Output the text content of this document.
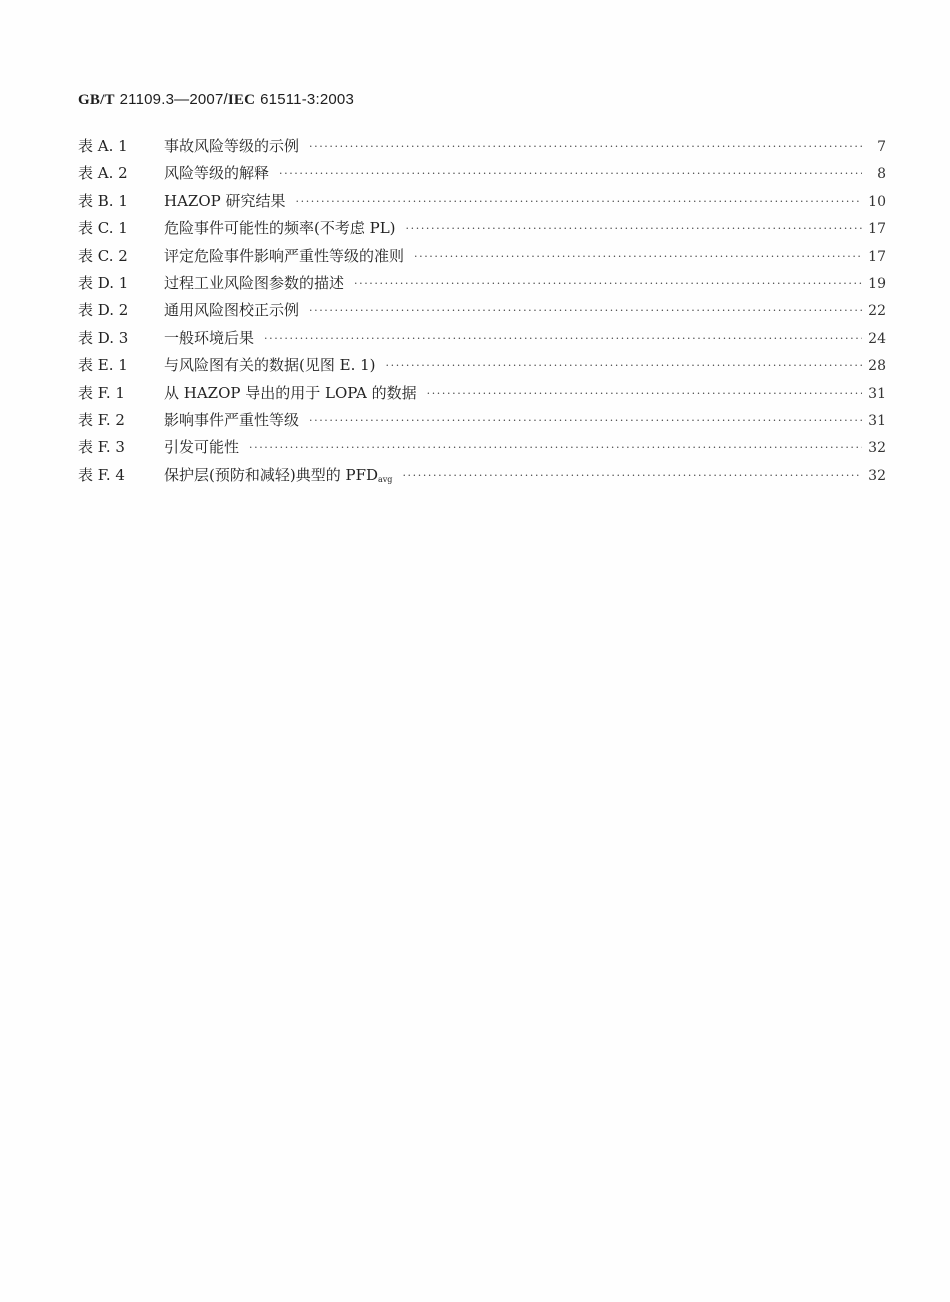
GB/T 21109.3—2007/IEC 61511-3:2003
表 A. 1	事故风险等级的示例 ·····	7
表 A. 2	风险等级的解释 ·····	8
表 B. 1	HAZOP 研究结果 ·····	10
表 C. 1	危险事件可能性的频率(不考虑 PL) ·····	17
表 C. 2	评定危险事件影响严重性等级的准则 ·····	17
表 D. 1	过程工业风险图参数的描述 ·····	19
表 D. 2	通用风险图校正示例 ·····	22
表 D. 3	一般环境后果 ·····	24
表 E. 1	与风险图有关的数据(见图 E. 1) ·····	28
表 F. 1	从 HAZOP 导出的用于 LOPA 的数据 ·····	31
表 F. 2	影响事件严重性等级 ·····	31
表 F. 3	引发可能性 ·····	32
表 F. 4	保护层(预防和减轻)典型的 $PFD_{avg}$ ·····	32
